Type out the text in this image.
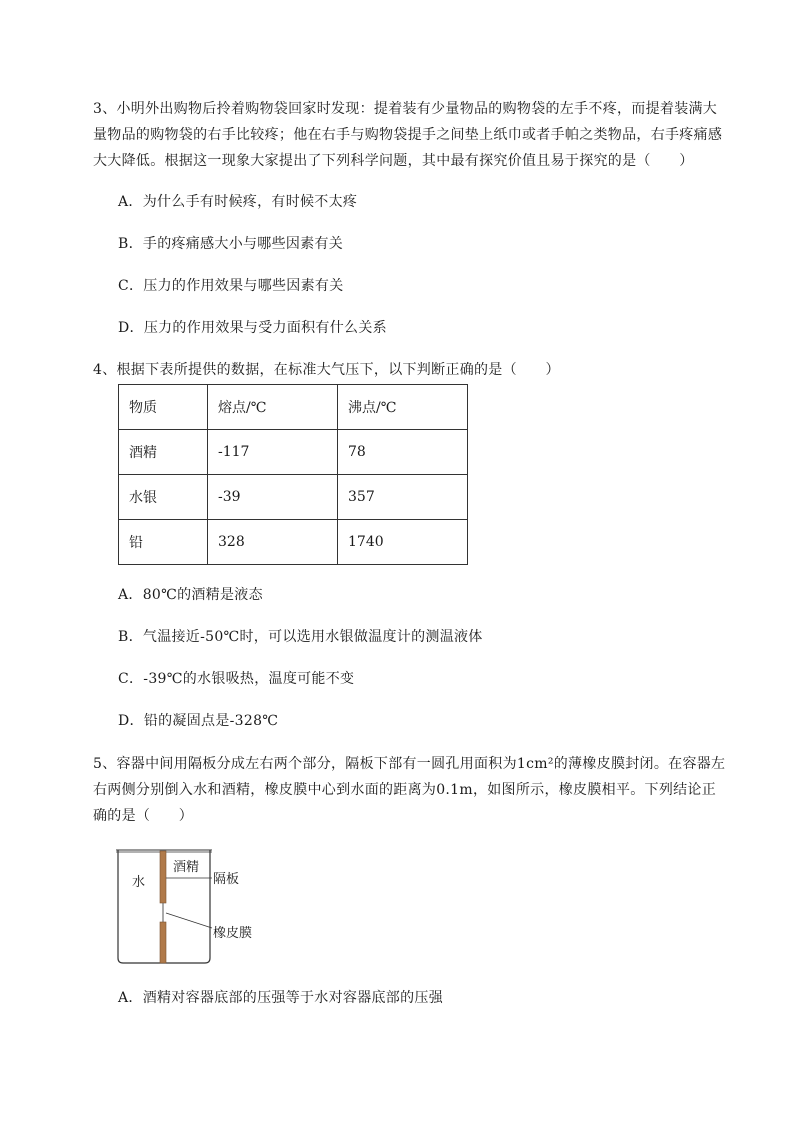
3、小明外出购物后拎着购物袋回家时发现：提着装有少量物品的购物袋的左手不疼，而提着装满大
量物品的购物袋的右手比较疼；他在右手与购物袋提手之间垫上纸巾或者手帕之类物品，右手疼痛感
大大降低。根据这一现象大家提出了下列科学问题，其中最有探究价值且易于探究的是（　　）
A．为什么手有时候疼，有时候不太疼
B．手的疼痛感大小与哪些因素有关
C．压力的作用效果与哪些因素有关
D．压力的作用效果与受力面积有什么关系
4、根据下表所提供的数据，在标准大气压下，以下判断正确的是（　　）
物质	熔点/℃	沸点/℃
酒精	-117	78
水银	-39	357
铅	328	1740
A．80℃的酒精是液态
B．气温接近-50℃时，可以选用水银做温度计的测温液体
C．-39℃的水银吸热，温度可能不变
D．铅的凝固点是-328℃
5、容器中间用隔板分成左右两个部分，隔板下部有一圆孔用面积为1cm²的薄橡皮膜封闭。在容器左
右两侧分别倒入水和酒精，橡皮膜中心到水面的距离为0.1m，如图所示，橡皮膜相平。下列结论正
确的是（　　）
水
酒精
隔板
橡皮膜
A．酒精对容器底部的压强等于水对容器底部的压强
